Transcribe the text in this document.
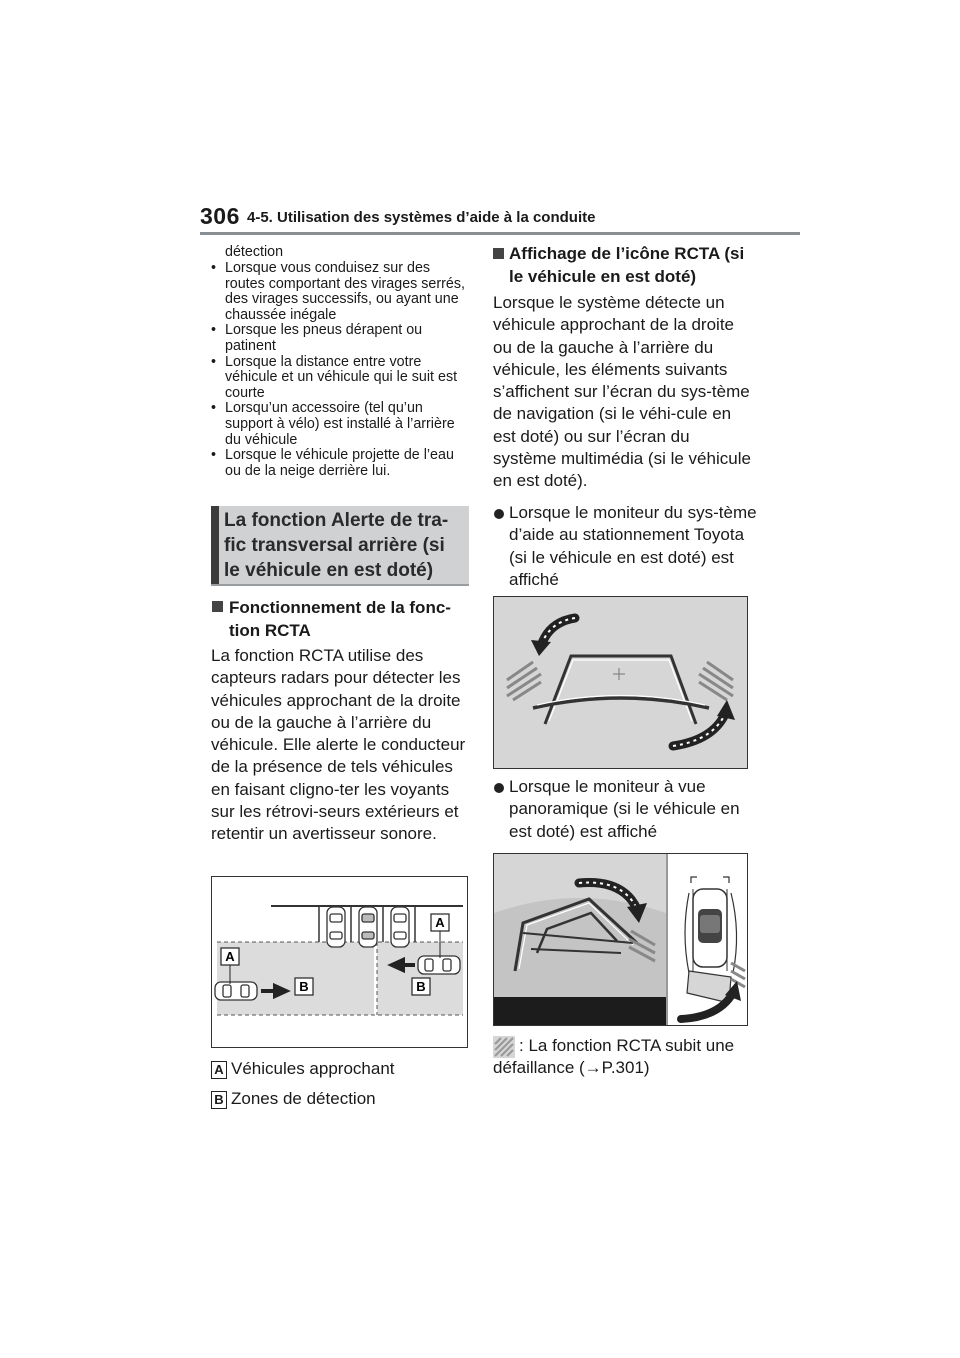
306 4-5. Utilisation des systèmes d’aide à la conduite
détection
• Lorsque vous conduisez sur des routes comportant des virages serrés, des virages successifs, ou ayant une chaussée inégale
• Lorsque les pneus dérapent ou patinent
• Lorsque la distance entre votre véhicule et un véhicule qui le suit est courte
• Lorsqu’un accessoire (tel qu’un support à vélo) est installé à l’arrière du véhicule
• Lorsque le véhicule projette de l’eau ou de la neige derrière lui.
La fonction Alerte de tra-fic transversal arrière (si le véhicule en est doté)
Fonctionnement de la fonc-tion RCTA
La fonction RCTA utilise des capteurs radars pour détecter les véhicules approchant de la droite ou de la gauche à l’arrière du véhicule. Elle alerte le conducteur de la présence de tels véhicules en faisant cligno-ter les voyants sur les rétrovi-seurs extérieurs et retentir un avertisseur sonore.
A
A
B	B
A Véhicules approchant
B Zones de détection
Affichage de l’icône RCTA (si le véhicule en est doté)
Lorsque le système détecte un véhicule approchant de la droite ou de la gauche à l’arrière du véhicule, les éléments suivants s’affichent sur l’écran du sys-tème de navigation (si le véhi-cule en est doté) ou sur l’écran du système multimédia (si le véhicule en est doté).
Lorsque le moniteur du sys-tème d’aide au stationnement Toyota (si le véhicule en est doté) est affiché
Lorsque le moniteur à vue panoramique (si le véhicule en est doté) est affiché
: La fonction RCTA subit une défaillance (→P.301)
